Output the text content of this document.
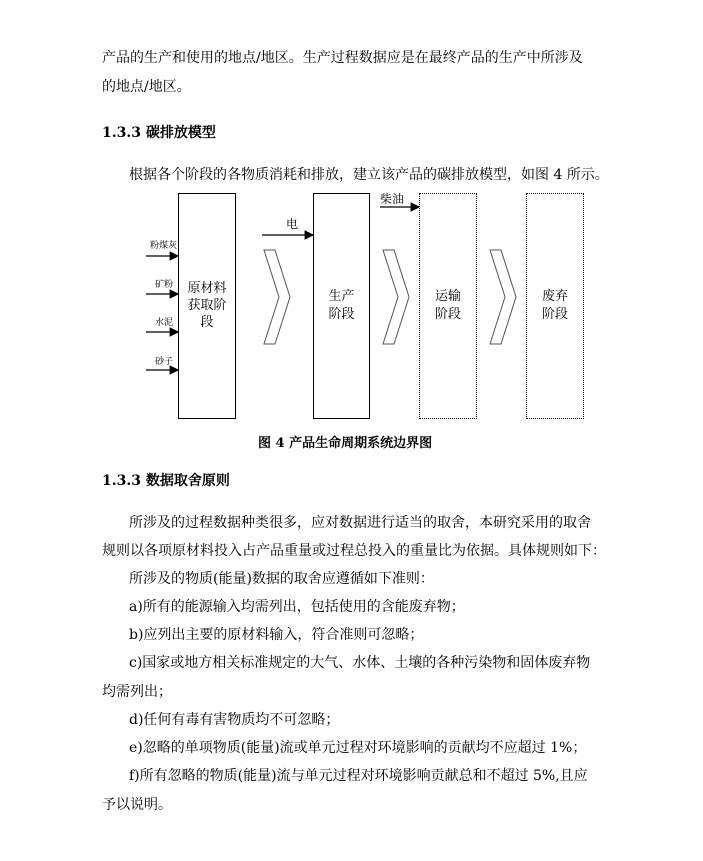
产品的生产和使用的地点/地区。生产过程数据应是在最终产品的生产中所涉及
的地点/地区。
1.3.3 碳排放模型
根据各个阶段的各物质消耗和排放，建立该产品的碳排放模型，如图 4 所示。
粉煤灰
矿粉
水泥
砂子
电
柴油
原材料
获取阶
段
生产
阶段
运输
阶段
废弃
阶段
图 4 产品生命周期系统边界图
1.3.3 数据取舍原则
所涉及的过程数据种类很多，应对数据进行适当的取舍，本研究采用的取舍
规则以各项原材料投入占产品重量或过程总投入的重量比为依据。具体规则如下：
所涉及的物质(能量)数据的取舍应遵循如下准则：
a)所有的能源输入均需列出，包括使用的含能废弃物；
b)应列出主要的原材料输入，符合准则可忽略；
c)国家或地方相关标准规定的大气、水体、土壤的各种污染物和固体废弃物
均需列出；
d)任何有毒有害物质均不可忽略；
e)忽略的单项物质(能量)流或单元过程对环境影响的贡献均不应超过 1%；
f)所有忽略的物质(能量)流与单元过程对环境影响贡献总和不超过 5%,且应
予以说明。
